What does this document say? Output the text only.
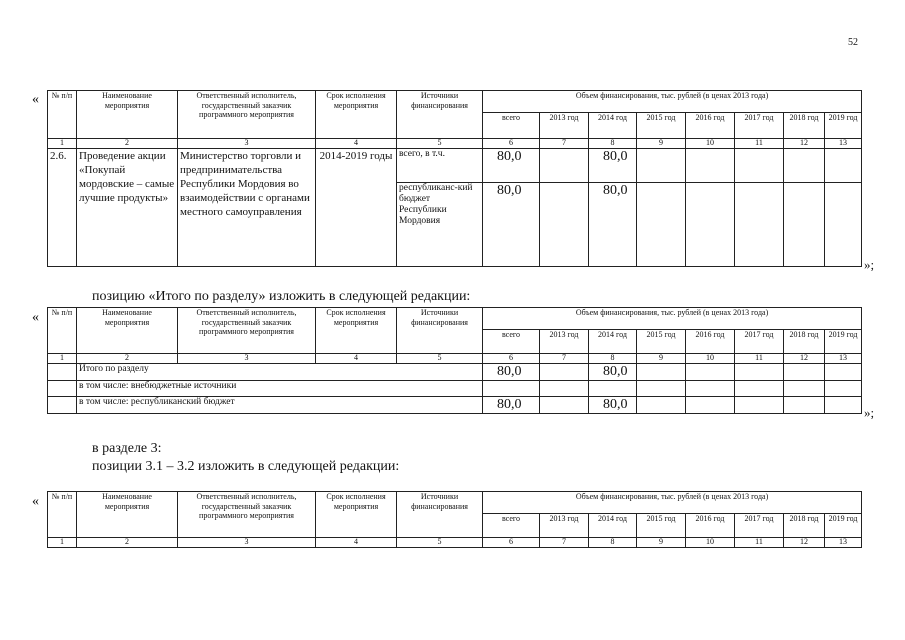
52
« № п/п	Наименование мероприятия	Ответственный исполнитель, государственный заказчик программного мероприятия	Срок исполнения мероприятия	Источники финансирования	Объем финансирования, тыс. рублей (в ценах 2013 года)							
					всего	2013 год	2014 год	2015 год	2016 год	2017 год	2018 год	2019 год
1	2	3	4	5	6	7	8	9	10	11	12	13
2.6.	Проведение акции «Покупай мордовские – самые лучшие продукты»	Министерство торговли и предпринимательства Республики Мордовия во взаимодействии с органами местного самоуправления	2014-2019 годы	всего, в т.ч.	80,0		80,0					
				республиканс-кий бюджет Республики Мордовия	80,0		80,0					
»;
позицию «Итого по разделу» изложить в следующей редакции:
« № п/п	Наименование мероприятия	Ответственный исполнитель, государственный заказчик программного мероприятия	Срок исполнения мероприятия	Источники финансирования	Объем финансирования, тыс. рублей (в ценах 2013 года)							
					всего	2013 год	2014 год	2015 год	2016 год	2017 год	2018 год	2019 год
1	2	3	4	5	6	7	8	9	10	11	12	13
	Итого по разделу				80,0		80,0					
	в том числе: внебюджетные источники											
	в том числе: республиканский бюджет				80,0		80,0					
»;
в разделе 3:
позиции 3.1 – 3.2 изложить в следующей редакции:
« № п/п	Наименование мероприятия	Ответственный исполнитель, государственный заказчик программного мероприятия	Срок исполнения мероприятия	Источники финансирования	Объем финансирования, тыс. рублей (в ценах 2013 года)							
					всего	2013 год	2014 год	2015 год	2016 год	2017 год	2018 год	2019 год
1	2	3	4	5	6	7	8	9	10	11	12	13
